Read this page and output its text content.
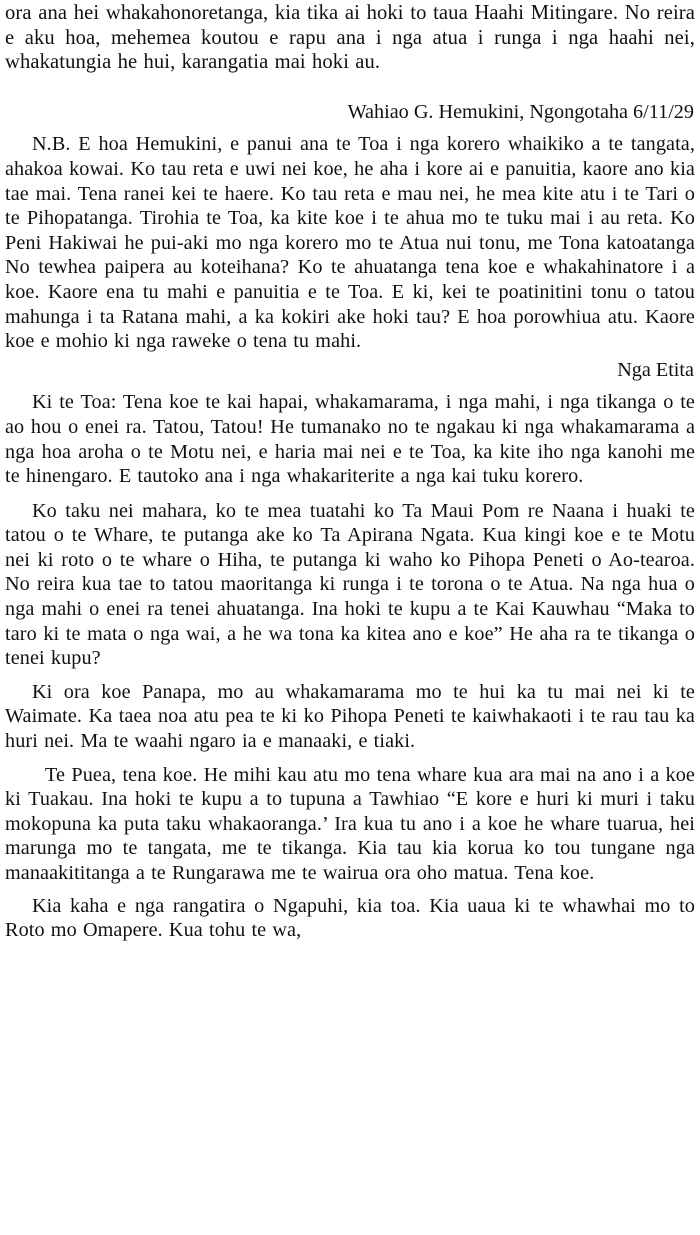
ora ana hei whakahonoretanga, kia tika ai hoki to taua Haahi Mitingare. No reira e aku hoa, mehemea koutou e rapu ana i nga atua i runga i nga haahi nei, whakatungia he hui, karangatia mai hoki au.

Wahiao G. Hemukini, Ngongotaha 6/11/29

N.B. E hoa Hemukini, e panui ana te Toa i nga korero whaikiko a te tangata, ahakoa kowai. Ko tau reta e uwi nei koe, he aha i kore ai e panuitia, kaore ano kia tae mai. Tena ranei kei te haere. Ko tau reta e mau nei, he mea kite atu i te Tari o te Pihopatanga. Tirohia te Toa, ka kite koe i te ahua mo te tuku mai i au reta. Ko Peni Hakiwai he pui-aki mo nga korero mo te Atua nui tonu, me Tona katoatanga No tewhea paipera au koteihana? Ko te ahuatanga tena koe e whakahinatore i a koe. Kaore ena tu mahi e panuitia e te Toa. E ki, kei te poatinitini tonu o tatou mahunga i ta Ratana mahi, a ka kokiri ake hoki tau? E hoa porowhiua atu. Kaore koe e mohio ki nga raweke o tena tu mahi.

Nga Etita

Ki te Toa: Tena koe te kai hapai, whakamarama, i nga mahi, i nga tikanga o te ao hou o enei ra. Tatou, Tatou! He tumanako no te ngakau ki nga whakamarama a nga hoa aroha o te Motu nei, e haria mai nei e te Toa, ka kite iho nga kanohi me te hinengaro. E tautoko ana i nga whakariterite a nga kai tuku korero.

Ko taku nei mahara, ko te mea tuatahi ko Ta Maui Pom re Naana i huaki te tatou o te Whare, te putanga ake ko Ta Apirana Ngata. Kua kingi koe e te Motu nei ki roto o te whare o Hiha, te putanga ki waho ko Pihopa Peneti o Ao-tearoa. No reira kua tae to tatou maoritanga ki runga i te torona o te Atua. Na nga hua o nga mahi o enei ra tenei ahuatanga. Ina hoki te kupu a te Kai Kauwhau “Maka to taro ki te mata o nga wai, a he wa tona ka kitea ano e koe” He aha ra te tikanga o tenei kupu?

Ki ora koe Panapa, mo au whakamarama mo te hui ka tu mai nei ki te Waimate. Ka taea noa atu pea te ki ko Pihopa Peneti te kaiwhakaoti i te rau tau ka huri nei. Ma te waahi ngaro ia e manaaki, e tiaki.

Te Puea, tena koe. He mihi kau atu mo tena whare kua ara mai na ano i a koe ki Tuakau. Ina hoki te kupu a to tupuna a Tawhiao “E kore e huri ki muri i taku mokopuna ka puta taku whakaoranga.’ Ira kua tu ano i a koe he whare tuarua, hei marunga mo te tangata, me te tikanga. Kia tau kia korua ko tou tungane nga manaakititanga a te Rungarawa me te wairua ora oho matua. Tena koe.

Kia kaha e nga rangatira o Ngapuhi, kia toa. Kia uaua ki te whawhai mo to Roto mo Omapere. Kua tohu te wa,
